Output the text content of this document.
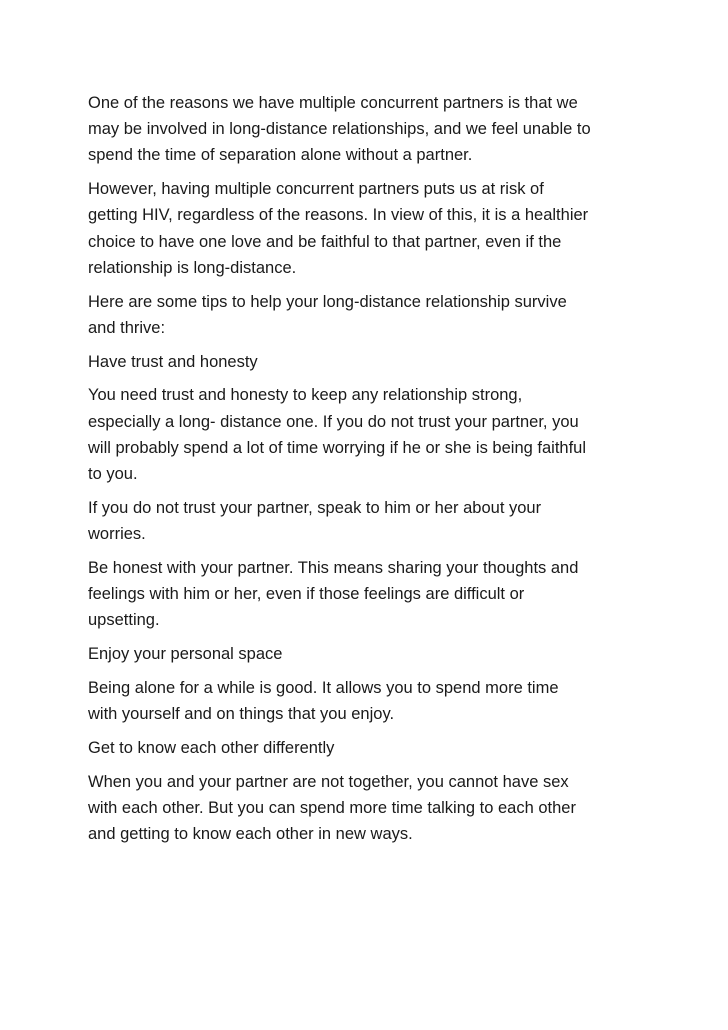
One of the reasons we have multiple concurrent partners is that we
may be involved in long-distance relationships, and we feel unable to
spend the time of separation alone without a partner.

However, having multiple concurrent partners puts us at risk of
getting HIV, regardless of the reasons. In view of this, it is a healthier
choice to have one love and be faithful to that partner, even if the
relationship is long-distance.

Here are some tips to help your long-distance relationship survive
and thrive:

Have trust and honesty

You need trust and honesty to keep any relationship strong,
especially a long- distance one. If you do not trust your partner, you
will probably spend a lot of time worrying if he or she is being faithful
to you.

If you do not trust your partner, speak to him or her about your
worries.

Be honest with your partner. This means sharing your thoughts and
feelings with him or her, even if those feelings are difficult or
upsetting.

Enjoy your personal space

Being alone for a while is good. It allows you to spend more time
with yourself and on things that you enjoy.

Get to know each other differently

When you and your partner are not together, you cannot have sex
with each other. But you can spend more time talking to each other
and getting to know each other in new ways.
